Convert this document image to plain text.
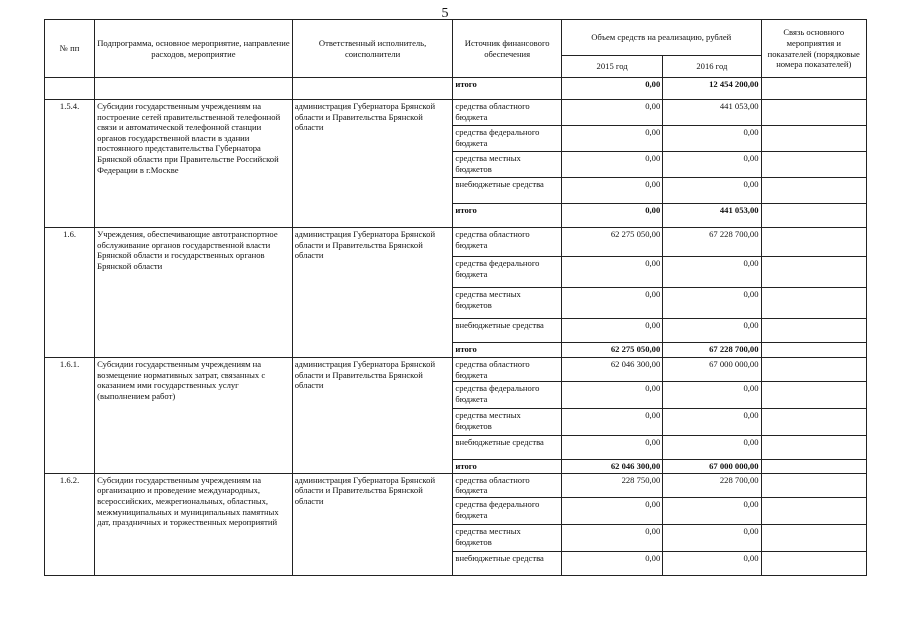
5
№ пп	Подпрограмма, основное мероприятие, направление расходов, мероприятие	Ответственный исполнитель, соисполнители	Источник финансового обеспечения	Объем средств на реализацию, рублей		Связь основного мероприятия и показателей (порядковые номера показателей)
				2015 год	2016 год	
			итого	0,00	12 454 200,00	
1.5.4.	Субсидии государственным учреждениям на построение сетей правительственной телефонной связи и автоматической телефонной станции органов государственной власти в здании постоянного представительства Губернатора Брянской области при Правительстве Российской Федерации в г.Москве	администрация Губернатора Брянской области и Правительства Брянской области	средства областного бюджета	0,00	441 053,00	
			средства федерального бюджета	0,00	0,00	
			средства местных бюджетов	0,00	0,00	
			внебюджетные средства	0,00	0,00	
			итого	0,00	441 053,00	
1.6.	Учреждения, обеспечивающие автотранспортное обслуживание органов государственной власти Брянской области и государственных органов Брянской области	администрация Губернатора Брянской области и Правительства Брянской области	средства областного бюджета	62 275 050,00	67 228 700,00	
			средства федерального бюджета	0,00	0,00	
			средства местных бюджетов	0,00	0,00	
			внебюджетные средства	0,00	0,00	
			итого	62 275 050,00	67 228 700,00	
1.6.1.	Субсидии государственным учреждениям на возмещение нормативных затрат, связанных с оказанием ими государственных услуг (выполнением работ)	администрация Губернатора Брянской области и Правительства Брянской области	средства областного бюджета	62 046 300,00	67 000 000,00	
			средства федерального бюджета	0,00	0,00	
			средства местных бюджетов	0,00	0,00	
			внебюджетные средства	0,00	0,00	
			итого	62 046 300,00	67 000 000,00	
1.6.2.	Субсидии государственным учреждениям на организацию и проведение международных, всероссийских, межрегиональных, областных, межмуниципальных и муниципальных памятных дат, праздничных и торжественных мероприятий	администрация Губернатора Брянской области и Правительства Брянской области	средства областного бюджета	228 750,00	228 700,00	
			средства федерального бюджета	0,00	0,00	
			средства местных бюджетов	0,00	0,00	
			внебюджетные средства	0,00	0,00	
